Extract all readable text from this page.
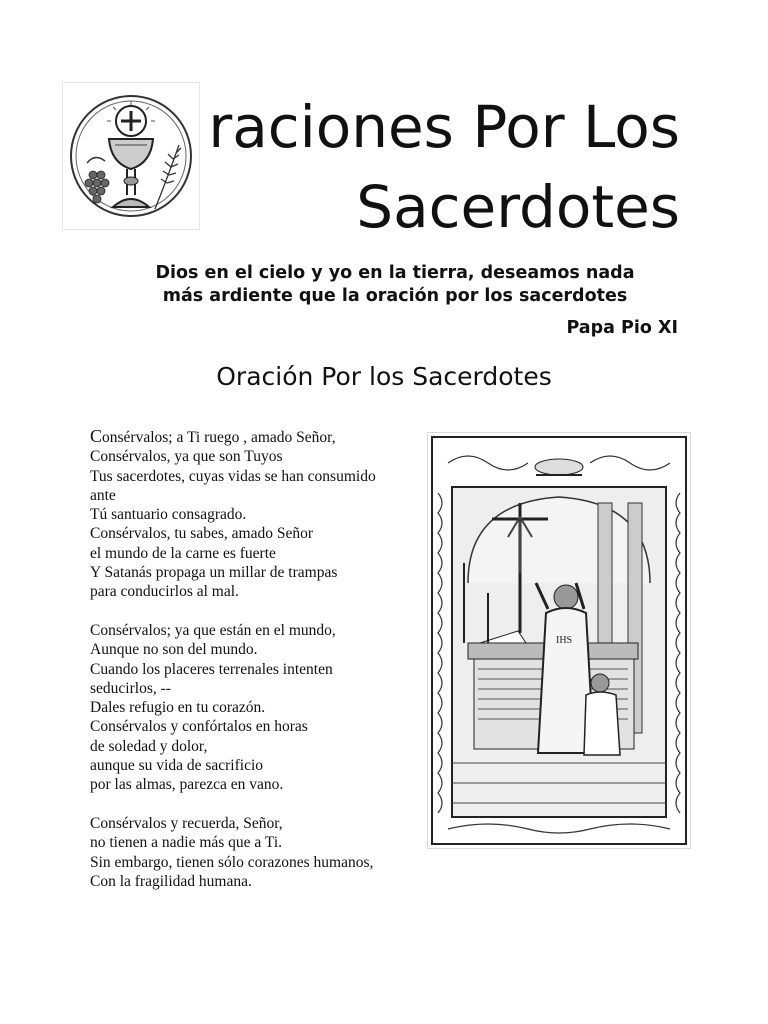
raciones Por Los
Sacerdotes
Dios en el cielo y yo en la tierra, deseamos nada
más ardiente que la oración por los sacerdotes
Papa Pio XI
Oración Por los Sacerdotes
Consérvalos; a Ti ruego , amado Señor,
Consérvalos, ya que son Tuyos
Tus sacerdotes, cuyas vidas se han consumido
ante
Tú santuario consagrado.
Consérvalos, tu sabes, amado Señor
el mundo de la carne es fuerte
Y Satanás propaga un millar de trampas
para conducirlos al mal.
Consérvalos; ya que están en el mundo,
Aunque no son del mundo.
Cuando los placeres terrenales intenten
seducirlos, --
Dales refugio en tu corazón.
Consérvalos y confórtalos en horas
de soledad y dolor,
aunque su vida de sacrificio
por las almas, parezca en vano.
Consérvalos y recuerda, Señor,
no tienen a nadie más que a Ti.
Sin embargo, tienen sólo corazones humanos,
Con la fragilidad humana.
IHS
